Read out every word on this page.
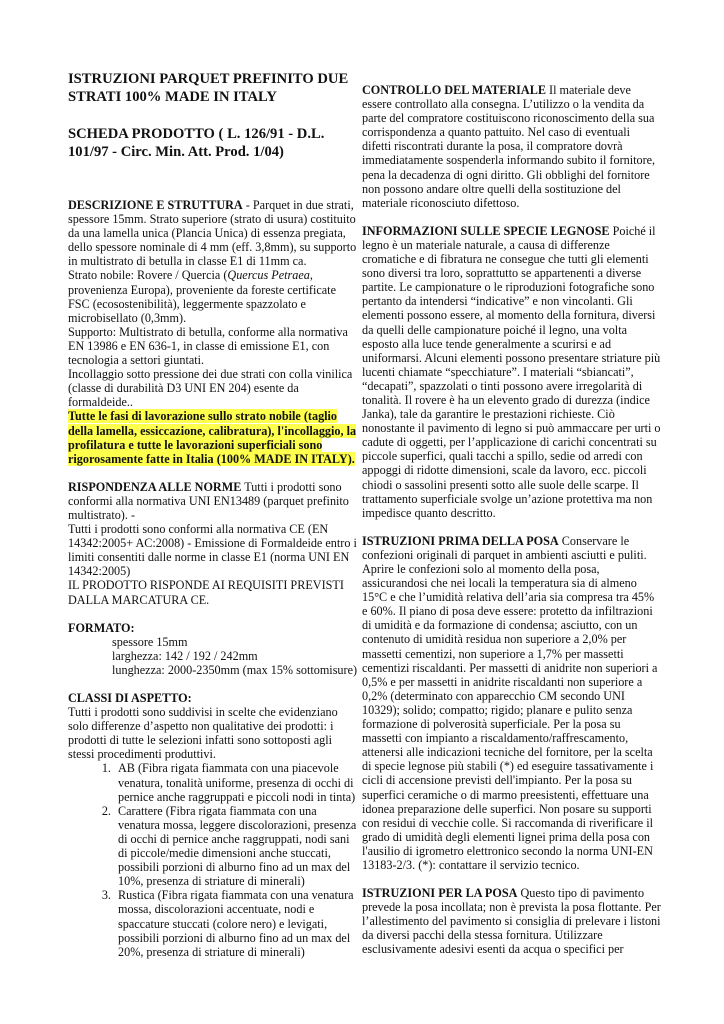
ISTRUZIONI PARQUET PREFINITO DUE
STRATI 100% MADE IN ITALY
SCHEDA PRODOTTO ( L. 126/91 - D.L.
101/97 - Circ. Min. Att. Prod. 1/04)

DESCRIZIONE E STRUTTURA - Parquet in due strati, spessore 15mm. Strato superiore (strato di usura) costituito da una lamella unica (Plancia Unica) di essenza pregiata, dello spessore nominale di 4 mm (eff. 3,8mm), su supporto in multistrato di betulla in classe E1 di 11mm ca.

Strato nobile: Rovere / Quercia (Quercus Petraea, provenienza Europa), proveniente da foreste certificate FSC (ecosostenibilità), leggermente spazzolato e microbisellato (0,3mm).

Supporto: Multistrato di betulla, conforme alla normativa EN 13986 e EN 636-1, in classe di emissione E1, con tecnologia a settori giuntati.

Incollaggio sotto pressione dei due strati con colla vinilica (classe di durabilità D3 UNI EN 204) esente da formaldeide..

Tutte le fasi di lavorazione sullo strato nobile (taglio della lamella, essiccazione, calibratura), l'incollaggio, la profilatura e tutte le lavorazioni superficiali sono rigorosamente fatte in Italia (100% MADE IN ITALY).

RISPONDENZA ALLE NORME Tutti i prodotti sono conformi alla normativa UNI EN13489 (parquet prefinito multistrato). -

Tutti i prodotti sono conformi alla normativa CE (EN 14342:2005+ AC:2008) - Emissione di Formaldeide entro i limiti consentiti dalle norme in classe E1 (norma UNI EN 14342:2005)

IL PRODOTTO RISPONDE AI REQUISITI PREVISTI DALLA MARCATURA CE.

FORMATO:

spessore 15mm

larghezza: 142 / 192 / 242mm

lunghezza: 2000-2350mm (max 15% sottomisure)

CLASSI DI ASPETTO:

Tutti i prodotti sono suddivisi in scelte che evidenziano solo differenze d’aspetto non qualitative dei prodotti: i prodotti di tutte le selezioni infatti sono sottoposti agli stessi procedimenti produttivi.

1. AB (Fibra rigata fiammata con una piacevole venatura, tonalità uniforme, presenza di occhi di pernice anche raggruppati e piccoli nodi in tinta)
2. Carattere (Fibra rigata fiammata con una venatura mossa, leggere discolorazioni, presenza di occhi di pernice anche raggruppati, nodi sani di piccole/medie dimensioni anche stuccati, possibili porzioni di alburno fino ad un max del 10%, presenza di striature di minerali)
3. Rustica (Fibra rigata fiammata con una venatura mossa, discolorazioni accentuate, nodi e spaccature stuccati (colore nero) e levigati, possibili porzioni di alburno fino ad un max del 20%, presenza di striature di minerali)

CONTROLLO DEL MATERIALE Il materiale deve essere controllato alla consegna. L’utilizzo o la vendita da parte del compratore costituiscono riconoscimento della sua corrispondenza a quanto pattuito. Nel caso di eventuali difetti riscontrati durante la posa, il compratore dovrà immediatamente sospenderla informando subito il fornitore, pena la decadenza di ogni diritto. Gli obblighi del fornitore non possono andare oltre quelli della sostituzione del materiale riconosciuto difettoso.

INFORMAZIONI SULLE SPECIE LEGNOSE Poiché il legno è un materiale naturale, a causa di differenze cromatiche e di fibratura ne consegue che tutti gli elementi sono diversi tra loro, soprattutto se appartenenti a diverse partite. Le campionature o le riproduzioni fotografiche sono pertanto da intendersi “indicative” e non vincolanti. Gli elementi possono essere, al momento della fornitura, diversi da quelli delle campionature poiché il legno, una volta esposto alla luce tende generalmente a scurirsi e ad uniformarsi. Alcuni elementi possono presentare striature più lucenti chiamate “specchiature”. I materiali “sbiancati”, “decapati”, spazzolati o tinti possono avere irregolarità di tonalità. Il rovere è ha un elevento grado di durezza (indice Janka), tale da garantire le prestazioni richieste. Ciò nonostante il pavimento di legno si può ammaccare per urti o cadute di oggetti, per l’applicazione di carichi concentrati su piccole superfici, quali tacchi a spillo, sedie od arredi con appoggi di ridotte dimensioni, scale da lavoro, ecc. piccoli chiodi o sassolini presenti sotto alle suole delle scarpe. Il trattamento superficiale svolge un’azione protettiva ma non impedisce quanto descritto.

ISTRUZIONI PRIMA DELLA POSA Conservare le confezioni originali di parquet in ambienti asciutti e puliti. Aprire le confezioni solo al momento della posa, assicurandosi che nei locali la temperatura sia di almeno 15°C e che l’umidità relativa dell’aria sia compresa tra 45% e 60%. Il piano di posa deve essere: protetto da infiltrazioni di umidità e da formazione di condensa; asciutto, con un contenuto di umidità residua non superiore a 2,0% per massetti cementizi, non superiore a 1,7% per massetti cementizi riscaldanti. Per massetti di anidrite non superiori a 0,5% e per massetti in anidrite riscaldanti non superiore a 0,2% (determinato con apparecchio CM secondo UNI 10329); solido; compatto; rigido; planare e pulito senza formazione di polverosità superficiale. Per la posa su massetti con impianto a riscaldamento/raffrescamento, attenersi alle indicazioni tecniche del fornitore, per la scelta di specie legnose più stabili (*) ed eseguire tassativamente i cicli di accensione previsti dell'impianto. Per la posa su superfici ceramiche o di marmo preesistenti, effettuare una idonea preparazione delle superfici. Non posare su supporti con residui di vecchie colle. Si raccomanda di riverificare il grado di umidità degli elementi lignei prima della posa con l'ausilio di igrometro elettronico secondo la norma UNI-EN 13183-2/3. (*): contattare il servizio tecnico.

ISTRUZIONI PER LA POSA Questo tipo di pavimento prevede la posa incollata; non è prevista la posa flottante. Per l’allestimento del pavimento si consiglia di prelevare i listoni da diversi pacchi della stessa fornitura. Utilizzare esclusivamente adesivi esenti da acqua o specifici per
